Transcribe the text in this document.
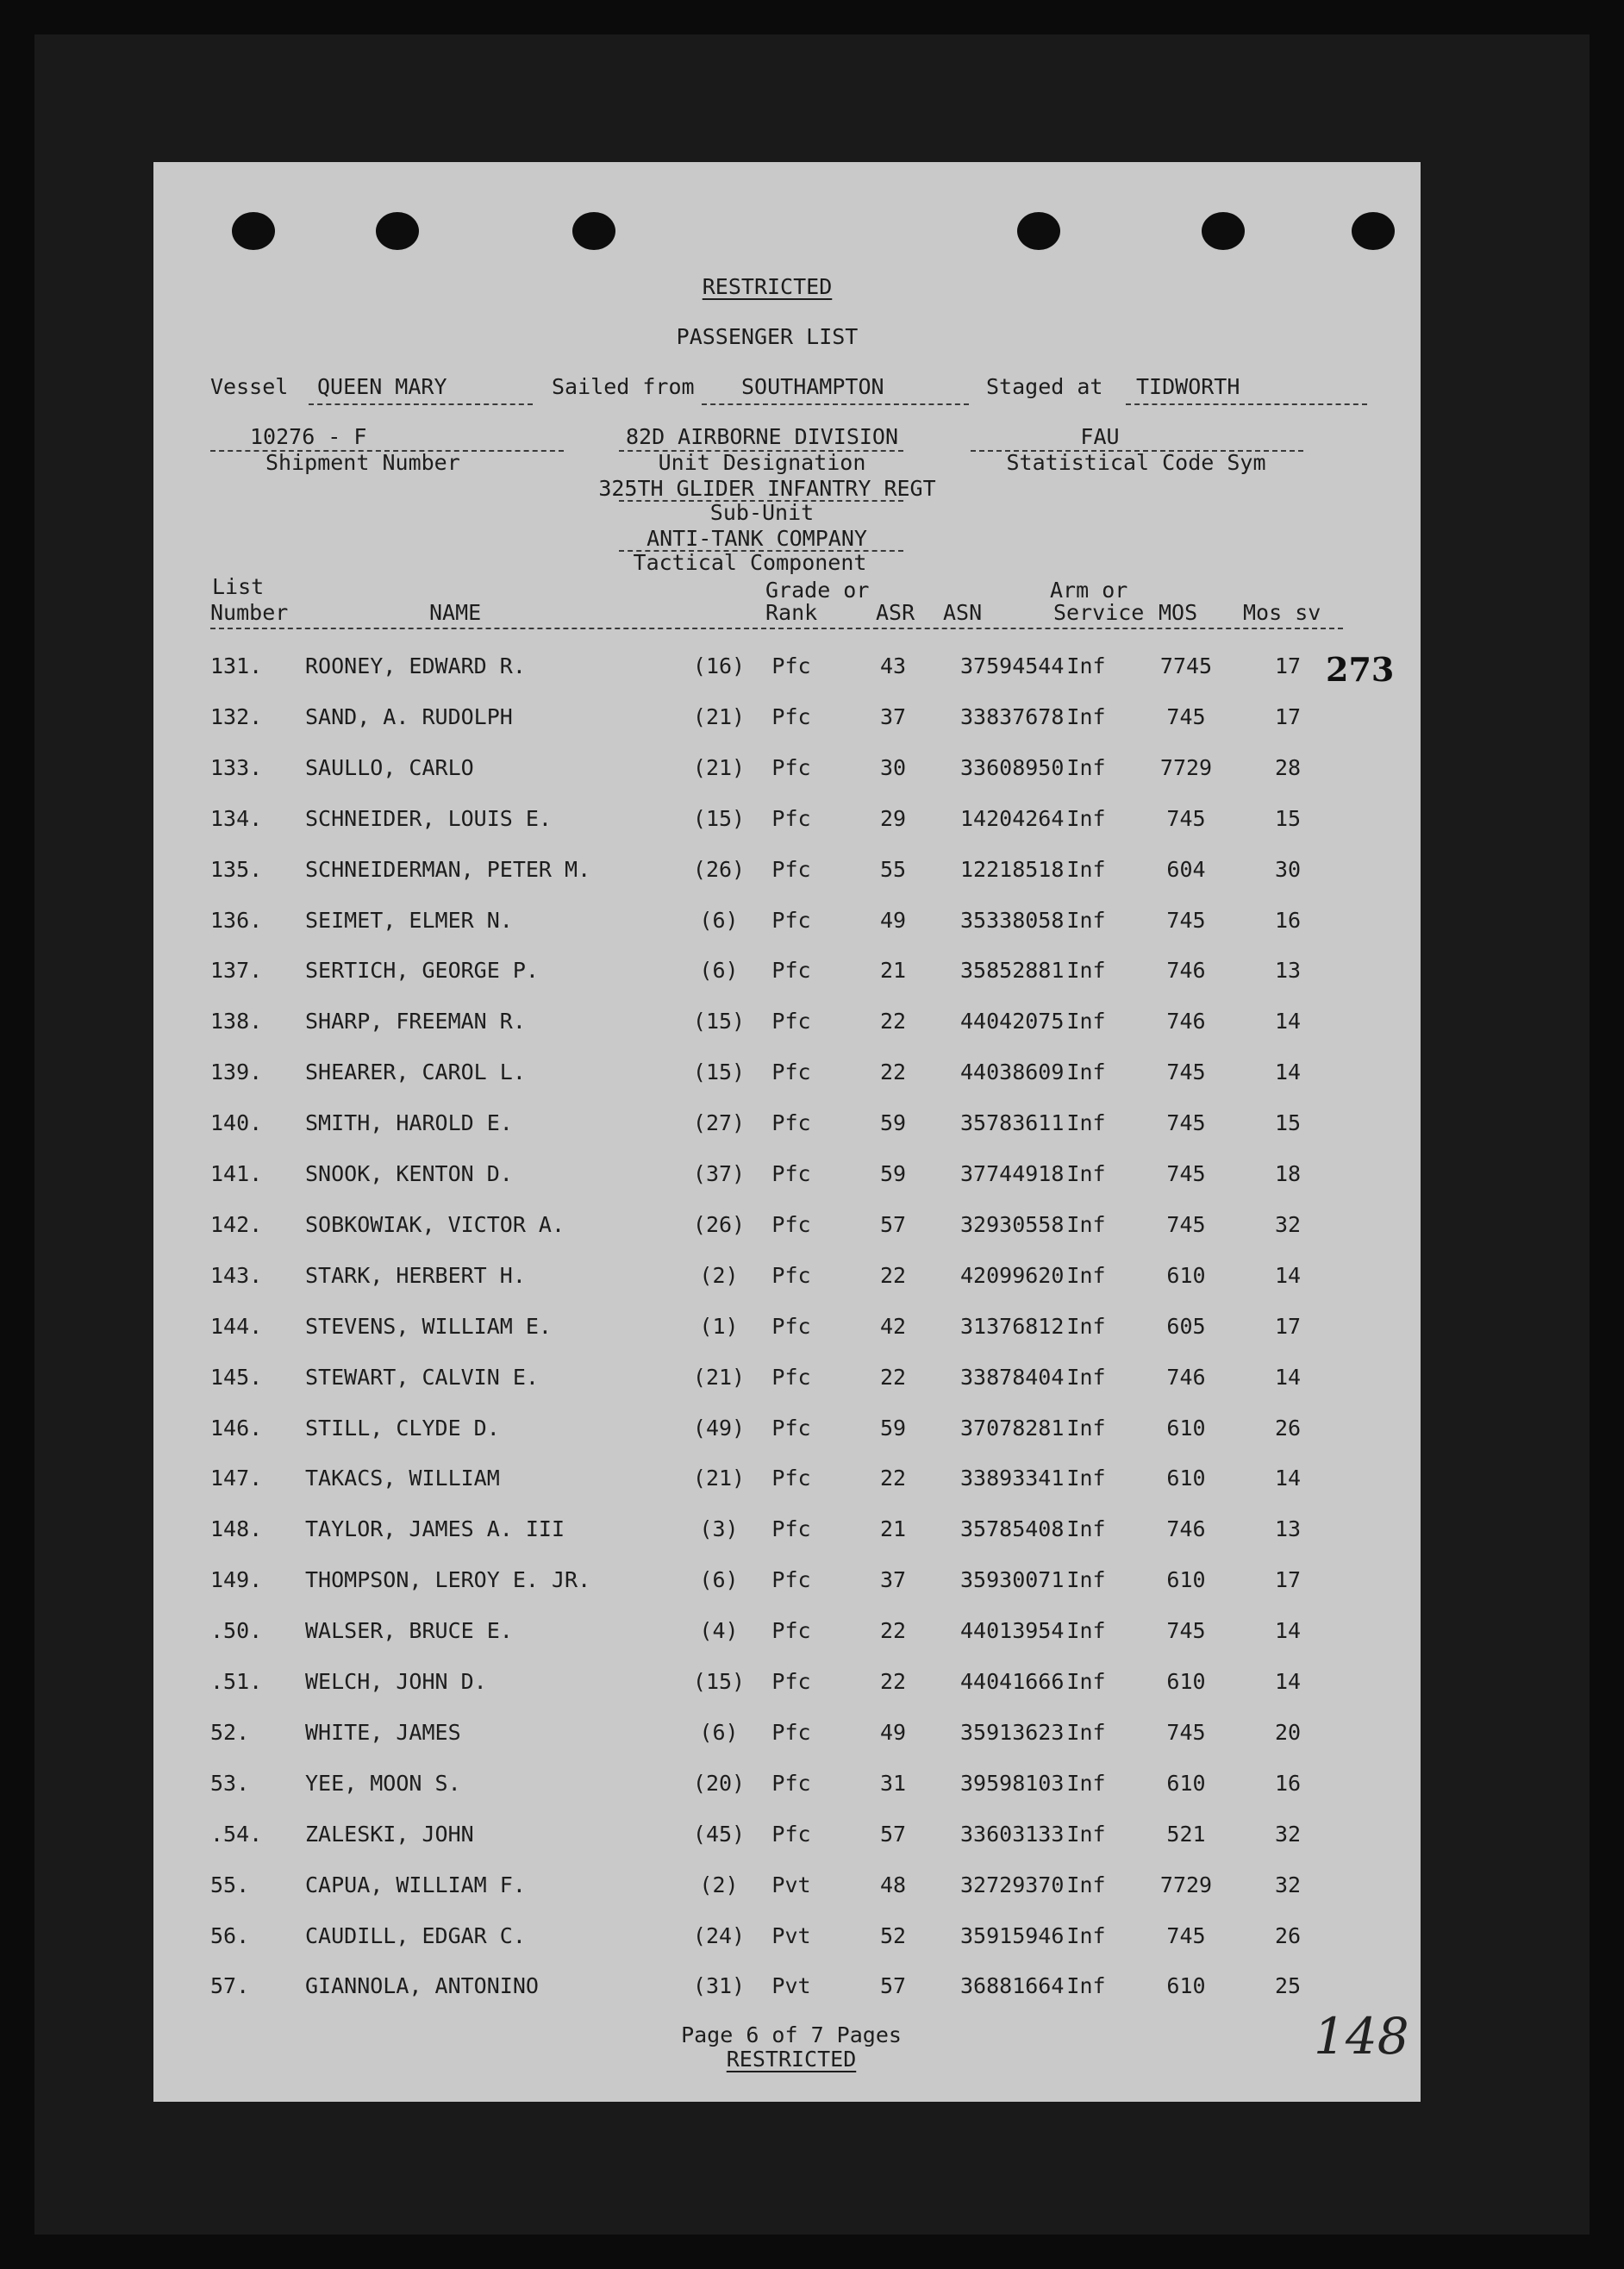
RESTRICTED
PASSENGER LIST
Vessel QUEEN MARY	Sailed from SOUTHAMPTON	Staged at TIDWORTH
10276 - F
Shipment Number
82D AIRBORNE DIVISION
Unit Designation
325TH GLIDER INFANTRY REGT
Sub-Unit
ANTI-TANK COMPANY
Tactical Component
FAU
Statistical Code Sym
List
Number	NAME
Grade or
Rank	ASR ASN
Arm or
Service MOS Mos sv
131. ROONEY, EDWARD R.	(16) Pfc	43	37594544 Inf	7745	17
132. SAND, A. RUDOLPH	(21) Pfc	37	33837678 Inf	745	17
133. SAULLO, CARLO	(21) Pfc	30	33608950 Inf	7729	28
134. SCHNEIDER, LOUIS E.	(15) Pfc	29	14204264 Inf	745	15
135. SCHNEIDERMAN, PETER M.	(26) Pfc	55	12218518 Inf	604	30
136. SEIMET, ELMER N.	(6) Pfc	49	35338058 Inf	745	16
137. SERTICH, GEORGE P.	(6) Pfc	21	35852881 Inf	746	13
138. SHARP, FREEMAN R.	(15) Pfc	22	44042075 Inf	746	14
139. SHEARER, CAROL L.	(15) Pfc	22	44038609 Inf	745	14
140. SMITH, HAROLD E.	(27) Pfc	59	35783611 Inf	745	15
141. SNOOK, KENTON D.	(37) Pfc	59	37744918 Inf	745	18
142. SOBKOWIAK, VICTOR A.	(26) Pfc	57	32930558 Inf	745	32
143. STARK, HERBERT H.	(2) Pfc	22	42099620 Inf	610	14
144. STEVENS, WILLIAM E.	(1) Pfc	42	31376812 Inf	605	17
145. STEWART, CALVIN E.	(21) Pfc	22	33878404 Inf	746	14
146. STILL, CLYDE D.	(49) Pfc	59	37078281 Inf	610	26
147. TAKACS, WILLIAM	(21) Pfc	22	33893341 Inf	610	14
148. TAYLOR, JAMES A. III	(3) Pfc	21	35785408 Inf	746	13
149. THOMPSON, LEROY E. JR.	(6) Pfc	37	35930071 Inf	610	17
.50. WALSER, BRUCE E.	(4) Pfc	22	44013954 Inf	745	14
.51. WELCH, JOHN D.	(15) Pfc	22	44041666 Inf	610	14
52.	WHITE, JAMES	(6) Pfc	49	35913623 Inf	745	20
53.	YEE, MOON S.	(20) Pfc	31	39598103 Inf	610	16
.54. ZALESKI, JOHN	(45) Pfc	57	33603133 Inf	521	32
55.	CAPUA, WILLIAM F.	(2) Pvt	48	32729370 Inf	7729	32
56.	CAUDILL, EDGAR C.	(24) Pvt	52	35915946 Inf	745	26
57.	GIANNOLA, ANTONINO	(31) Pvt	57	36881664 Inf	610	25
273
Page 6 of 7 Pages
RESTRICTED	148
